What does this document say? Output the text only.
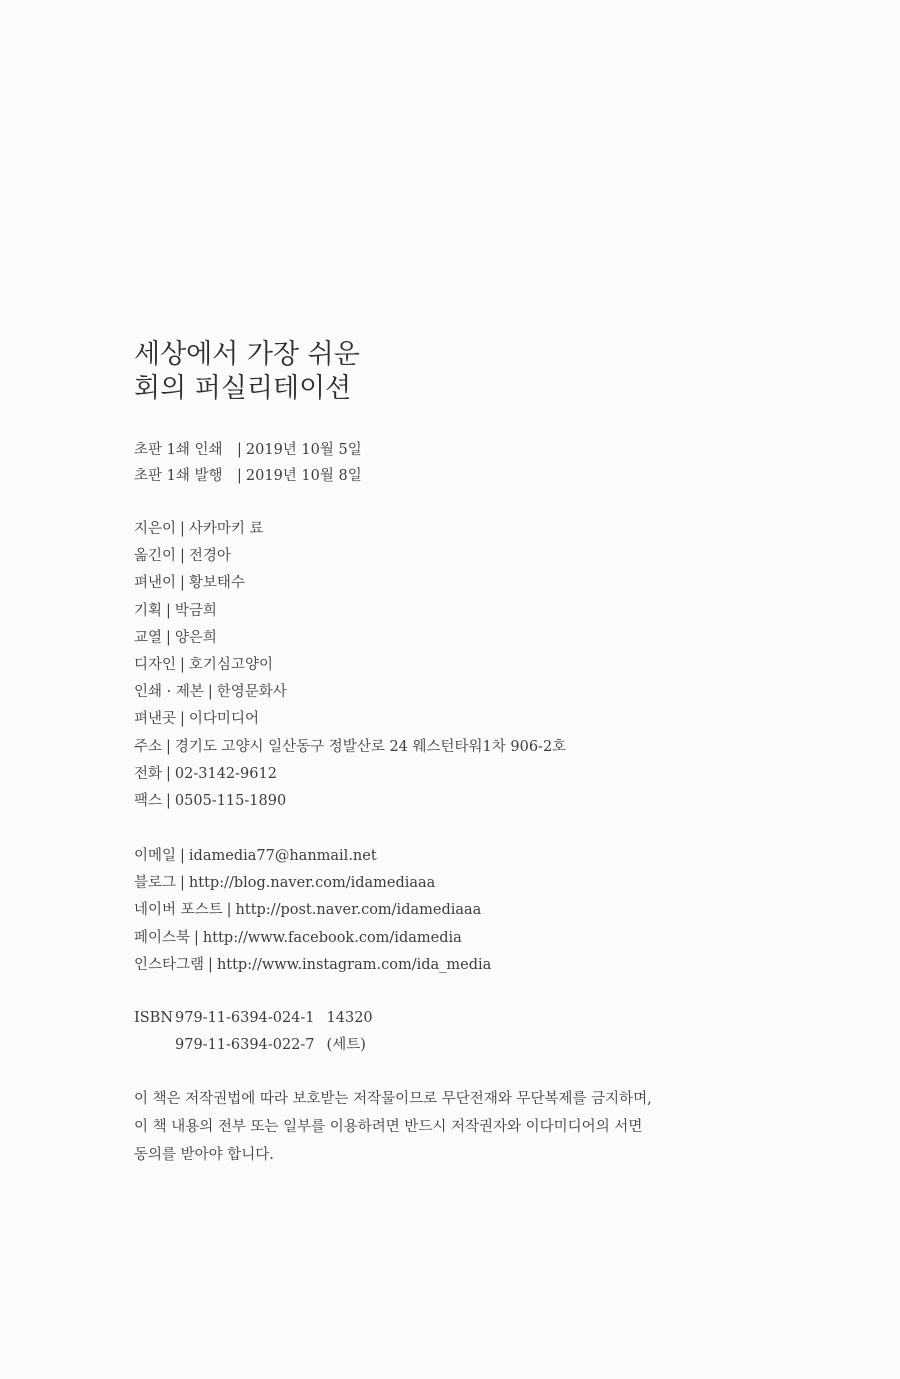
세상에서 가장 쉬운
회의 퍼실리테이션
초판 1쇄 인쇄 | 2019년 10월 5일
초판 1쇄 발행 | 2019년 10월 8일
지은이 | 사카마키 료
옮긴이 | 전경아
펴낸이 | 황보태수
기획 | 박금희
교열 | 양은희
디자인 | 호기심고양이
인쇄 · 제본 | 한영문화사
펴낸곳 | 이다미디어
주소 | 경기도 고양시 일산동구 정발산로 24 웨스턴타워1차 906-2호
전화 | 02-3142-9612
팩스 | 0505-115-1890
이메일 | idamedia77@hanmail.net
블로그 | http://blog.naver.com/idamediaaa
네이버 포스트 | http://post.naver.com/idamediaaa
페이스북 | http://www.facebook.com/idamedia
인스타그램 | http://www.instagram.com/ida_media
ISBN 979-11-6394-024-1 14320
979-11-6394-022-7 (세트)
이 책은 저작권법에 따라 보호받는 저작물이므로 무단전재와 무단복제를 금지하며,
이 책 내용의 전부 또는 일부를 이용하려면 반드시 저작권자와 이다미디어의 서면
동의를 받아야 합니다.
